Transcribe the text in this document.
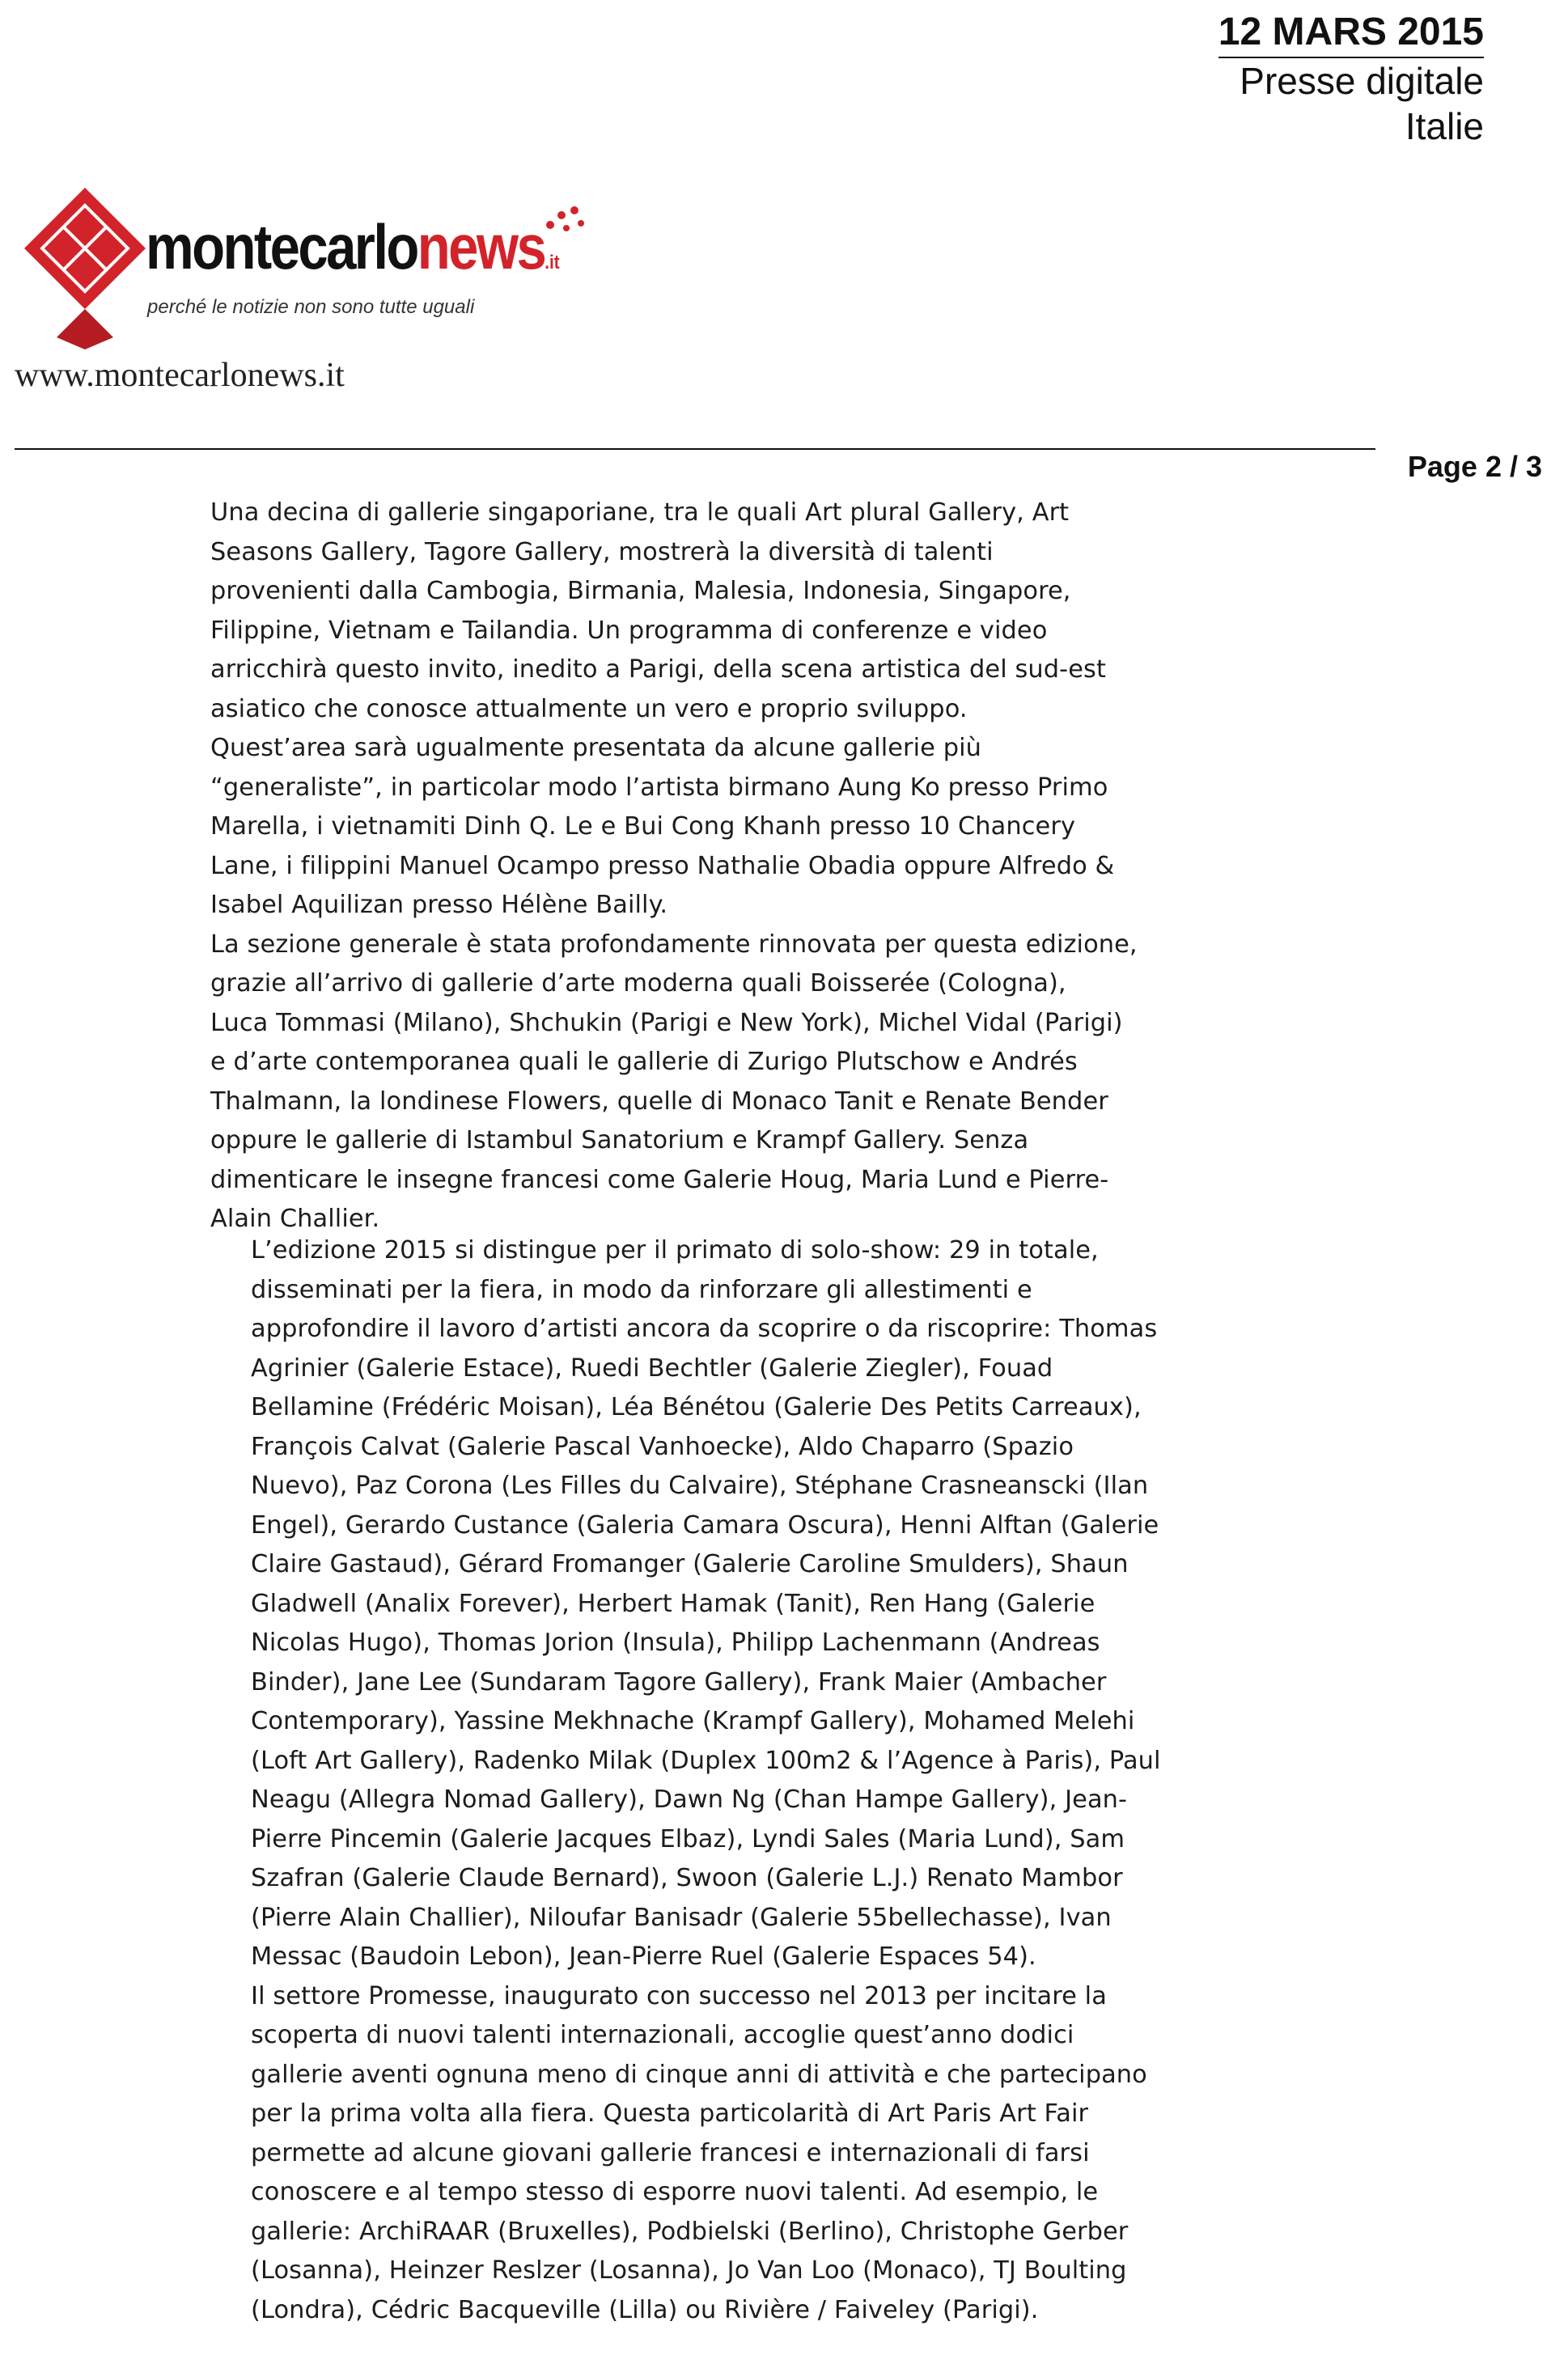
12 MARS 2015
Presse digitale
Italie
montecarlonews.it
perché le notizie non sono tutte uguali
www.montecarlonews.it
Page 2 / 3
Una decina di gallerie singaporiane, tra le quali Art plural Gallery, Art
Seasons Gallery, Tagore Gallery, mostrerà la diversità di talenti
provenienti dalla Cambogia, Birmania, Malesia, Indonesia, Singapore,
Filippine, Vietnam e Tailandia. Un programma di conferenze e video
arricchirà questo invito, inedito a Parigi, della scena artistica del sud-est
asiatico che conosce attualmente un vero e proprio sviluppo.
Quest’area sarà ugualmente presentata da alcune gallerie più
“generaliste”, in particolar modo l’artista birmano Aung Ko presso Primo
Marella, i vietnamiti Dinh Q. Le e Bui Cong Khanh presso 10 Chancery
Lane, i filippini Manuel Ocampo presso Nathalie Obadia oppure Alfredo &
Isabel Aquilizan presso Hélène Bailly.
La sezione generale è stata profondamente rinnovata per questa edizione,
grazie all’arrivo di gallerie d’arte moderna quali Boisserée (Cologna),
Luca Tommasi (Milano), Shchukin (Parigi e New York), Michel Vidal (Parigi)
e d’arte contemporanea quali le gallerie di Zurigo Plutschow e Andrés
Thalmann, la londinese Flowers, quelle di Monaco Tanit e Renate Bender
oppure le gallerie di Istambul Sanatorium e Krampf Gallery. Senza
dimenticare le insegne francesi come Galerie Houg, Maria Lund e Pierre-
Alain Challier.
L’edizione 2015 si distingue per il primato di solo-show: 29 in totale,
disseminati per la fiera, in modo da rinforzare gli allestimenti e
approfondire il lavoro d’artisti ancora da scoprire o da riscoprire: Thomas
Agrinier (Galerie Estace), Ruedi Bechtler (Galerie Ziegler), Fouad
Bellamine (Frédéric Moisan), Léa Bénétou (Galerie Des Petits Carreaux),
François Calvat (Galerie Pascal Vanhoecke), Aldo Chaparro (Spazio
Nuevo), Paz Corona (Les Filles du Calvaire), Stéphane Crasneanscki (Ilan
Engel), Gerardo Custance (Galeria Camara Oscura), Henni Alftan (Galerie
Claire Gastaud), Gérard Fromanger (Galerie Caroline Smulders), Shaun
Gladwell (Analix Forever), Herbert Hamak (Tanit), Ren Hang (Galerie
Nicolas Hugo), Thomas Jorion (Insula), Philipp Lachenmann (Andreas
Binder), Jane Lee (Sundaram Tagore Gallery), Frank Maier (Ambacher
Contemporary), Yassine Mekhnache (Krampf Gallery), Mohamed Melehi
(Loft Art Gallery), Radenko Milak (Duplex 100m2 & l’Agence à Paris), Paul
Neagu (Allegra Nomad Gallery), Dawn Ng (Chan Hampe Gallery), Jean-
Pierre Pincemin (Galerie Jacques Elbaz), Lyndi Sales (Maria Lund), Sam
Szafran (Galerie Claude Bernard), Swoon (Galerie L.J.) Renato Mambor
(Pierre Alain Challier), Niloufar Banisadr (Galerie 55bellechasse), Ivan
Messac (Baudoin Lebon), Jean-Pierre Ruel (Galerie Espaces 54).
Il settore Promesse, inaugurato con successo nel 2013 per incitare la
scoperta di nuovi talenti internazionali, accoglie quest’anno dodici
gallerie aventi ognuna meno di cinque anni di attività e che partecipano
per la prima volta alla fiera. Questa particolarità di Art Paris Art Fair
permette ad alcune giovani gallerie francesi e internazionali di farsi
conoscere e al tempo stesso di esporre nuovi talenti. Ad esempio, le
gallerie: ArchiRAAR (Bruxelles), Podbielski (Berlino), Christophe Gerber
(Losanna), Heinzer Reslzer (Losanna), Jo Van Loo (Monaco), TJ Boulting
(Londra), Cédric Bacqueville (Lilla) ou Rivière / Faiveley (Parigi).
